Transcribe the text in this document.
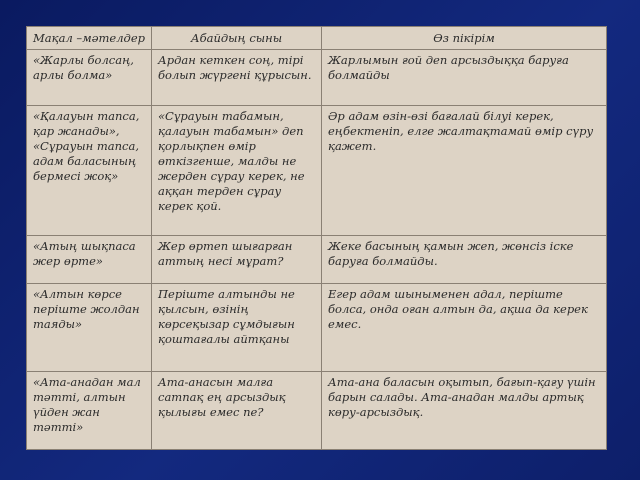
Мақал –мәтелдер	Абайдың сыны	Өз пікірім
«Жарлы болсаң, арлы болма»	Ардан кеткен соң, тірі болып жүргені құрысын.	Жарлымын ғой деп арсыздыққа баруға болмайды
«Қалауын тапса, қар жанады», «Сұрауын тапса, адам баласының бермесі жоқ»	«Сұрауын табамын, қалауын табамын» деп қорлықпен өмір өткізгенше, малды не жерден сұрау керек, не аққан терден сұрау керек қой.	Әр адам өзін-өзі бағалай білуі керек, еңбектеніп, елге жалтақтамай өмір сүру қажет.
«Атың шықпаса жер өрте»	Жер өртеп шығарған аттың несі мұрат?	Жеке басының қамын жеп, жөнсіз іске баруға болмайды.
«Алтын көрсе періште жолдан таяды»	Періште алтынды не қылсын, өзінің көрсеқызар сұмдығын қоштағалы айтқаны	Егер адам шыныменен адал, періште болса, онда оған алтын да, ақша да керек емес.
«Ата-анадан мал тәтті, алтын үйден жан тәтті»	Ата-анасын малға сатпақ ең арсыздық қылығы емес пе?	Ата-ана баласын оқытып, бағып-қағу үшін барын салады. Ата-анадан малды артық көру-арсыздық.
